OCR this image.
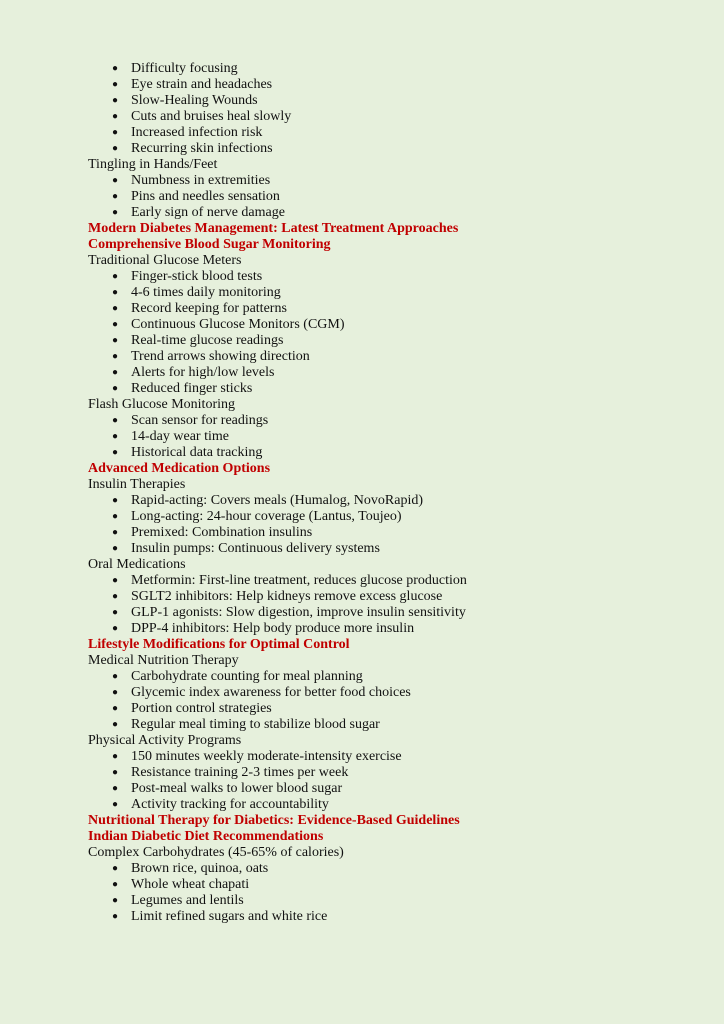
● Difficulty focusing
● Eye strain and headaches
● Slow-Healing Wounds
● Cuts and bruises heal slowly
● Increased infection risk
● Recurring skin infections
Tingling in Hands/Feet
● Numbness in extremities
● Pins and needles sensation
● Early sign of nerve damage
Modern Diabetes Management: Latest Treatment Approaches
Comprehensive Blood Sugar Monitoring
Traditional Glucose Meters
● Finger-stick blood tests
● 4-6 times daily monitoring
● Record keeping for patterns
● Continuous Glucose Monitors (CGM)
● Real-time glucose readings
● Trend arrows showing direction
● Alerts for high/low levels
● Reduced finger sticks
Flash Glucose Monitoring
● Scan sensor for readings
● 14-day wear time
● Historical data tracking
Advanced Medication Options
Insulin Therapies
● Rapid-acting: Covers meals (Humalog, NovoRapid)
● Long-acting: 24-hour coverage (Lantus, Toujeo)
● Premixed: Combination insulins
● Insulin pumps: Continuous delivery systems
Oral Medications
● Metformin: First-line treatment, reduces glucose production
● SGLT2 inhibitors: Help kidneys remove excess glucose
● GLP-1 agonists: Slow digestion, improve insulin sensitivity
● DPP-4 inhibitors: Help body produce more insulin
Lifestyle Modifications for Optimal Control
Medical Nutrition Therapy
● Carbohydrate counting for meal planning
● Glycemic index awareness for better food choices
● Portion control strategies
● Regular meal timing to stabilize blood sugar
Physical Activity Programs
● 150 minutes weekly moderate-intensity exercise
● Resistance training 2-3 times per week
● Post-meal walks to lower blood sugar
● Activity tracking for accountability
Nutritional Therapy for Diabetics: Evidence-Based Guidelines
Indian Diabetic Diet Recommendations
Complex Carbohydrates (45-65% of calories)
● Brown rice, quinoa, oats
● Whole wheat chapati
● Legumes and lentils
● Limit refined sugars and white rice
